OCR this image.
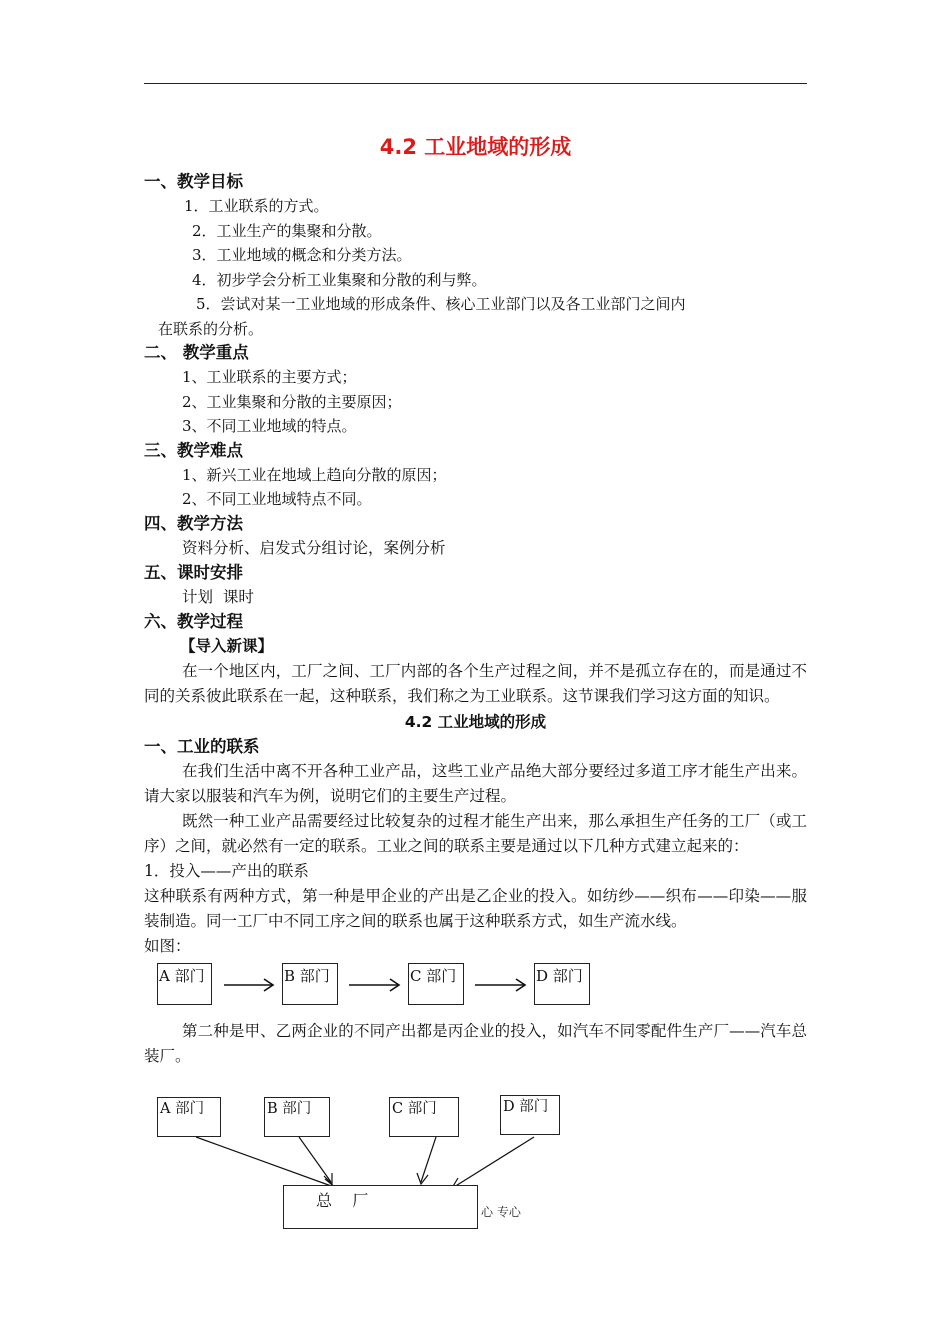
4.2 工业地域的形成
一、教学目标
1．工业联系的方式。
2．工业生产的集聚和分散。
3．工业地域的概念和分类方法。
4．初步学会分析工业集聚和分散的利与弊。
5．尝试对某一工业地域的形成条件、核心工业部门以及各工业部门之间内
在联系的分析。
二、 教学重点
1、工业联系的主要方式；
2、工业集聚和分散的主要原因；
3、不同工业地域的特点。
三、教学难点
1、新兴工业在地域上趋向分散的原因；
2、不同工业地域特点不同。
四、教学方法
资料分析、启发式分组讨论，案例分析
五、课时安排
计划  课时
六、教学过程
【导入新课】
在一个地区内，工厂之间、工厂内部的各个生产过程之间，并不是孤立存在的，而是通过不同的关系彼此联系在一起，这种联系，我们称之为工业联系。这节课我们学习这方面的知识。
4.2 工业地域的形成
一、工业的联系
在我们生活中离不开各种工业产品，这些工业产品绝大部分要经过多道工序才能生产出来。请大家以服装和汽车为例，说明它们的主要生产过程。
既然一种工业产品需要经过比较复杂的过程才能生产出来，那么承担生产任务的工厂（或工序）之间，就必然有一定的联系。工业之间的联系主要是通过以下几种方式建立起来的：
1．投入——产出的联系
这种联系有两种方式，第一种是甲企业的产出是乙企业的投入。如纺纱——织布——印染——服装制造。同一工厂中不同工序之间的联系也属于这种联系方式，如生产流水线。
如图：
A 部门	B 部门	C 部门	D 部门
第二种是甲、乙两企业的不同产出都是丙企业的投入，如汽车不同零配件生产厂——汽车总装厂。
A 部门	B 部门	C 部门	D 部门
总    厂
心 专心
